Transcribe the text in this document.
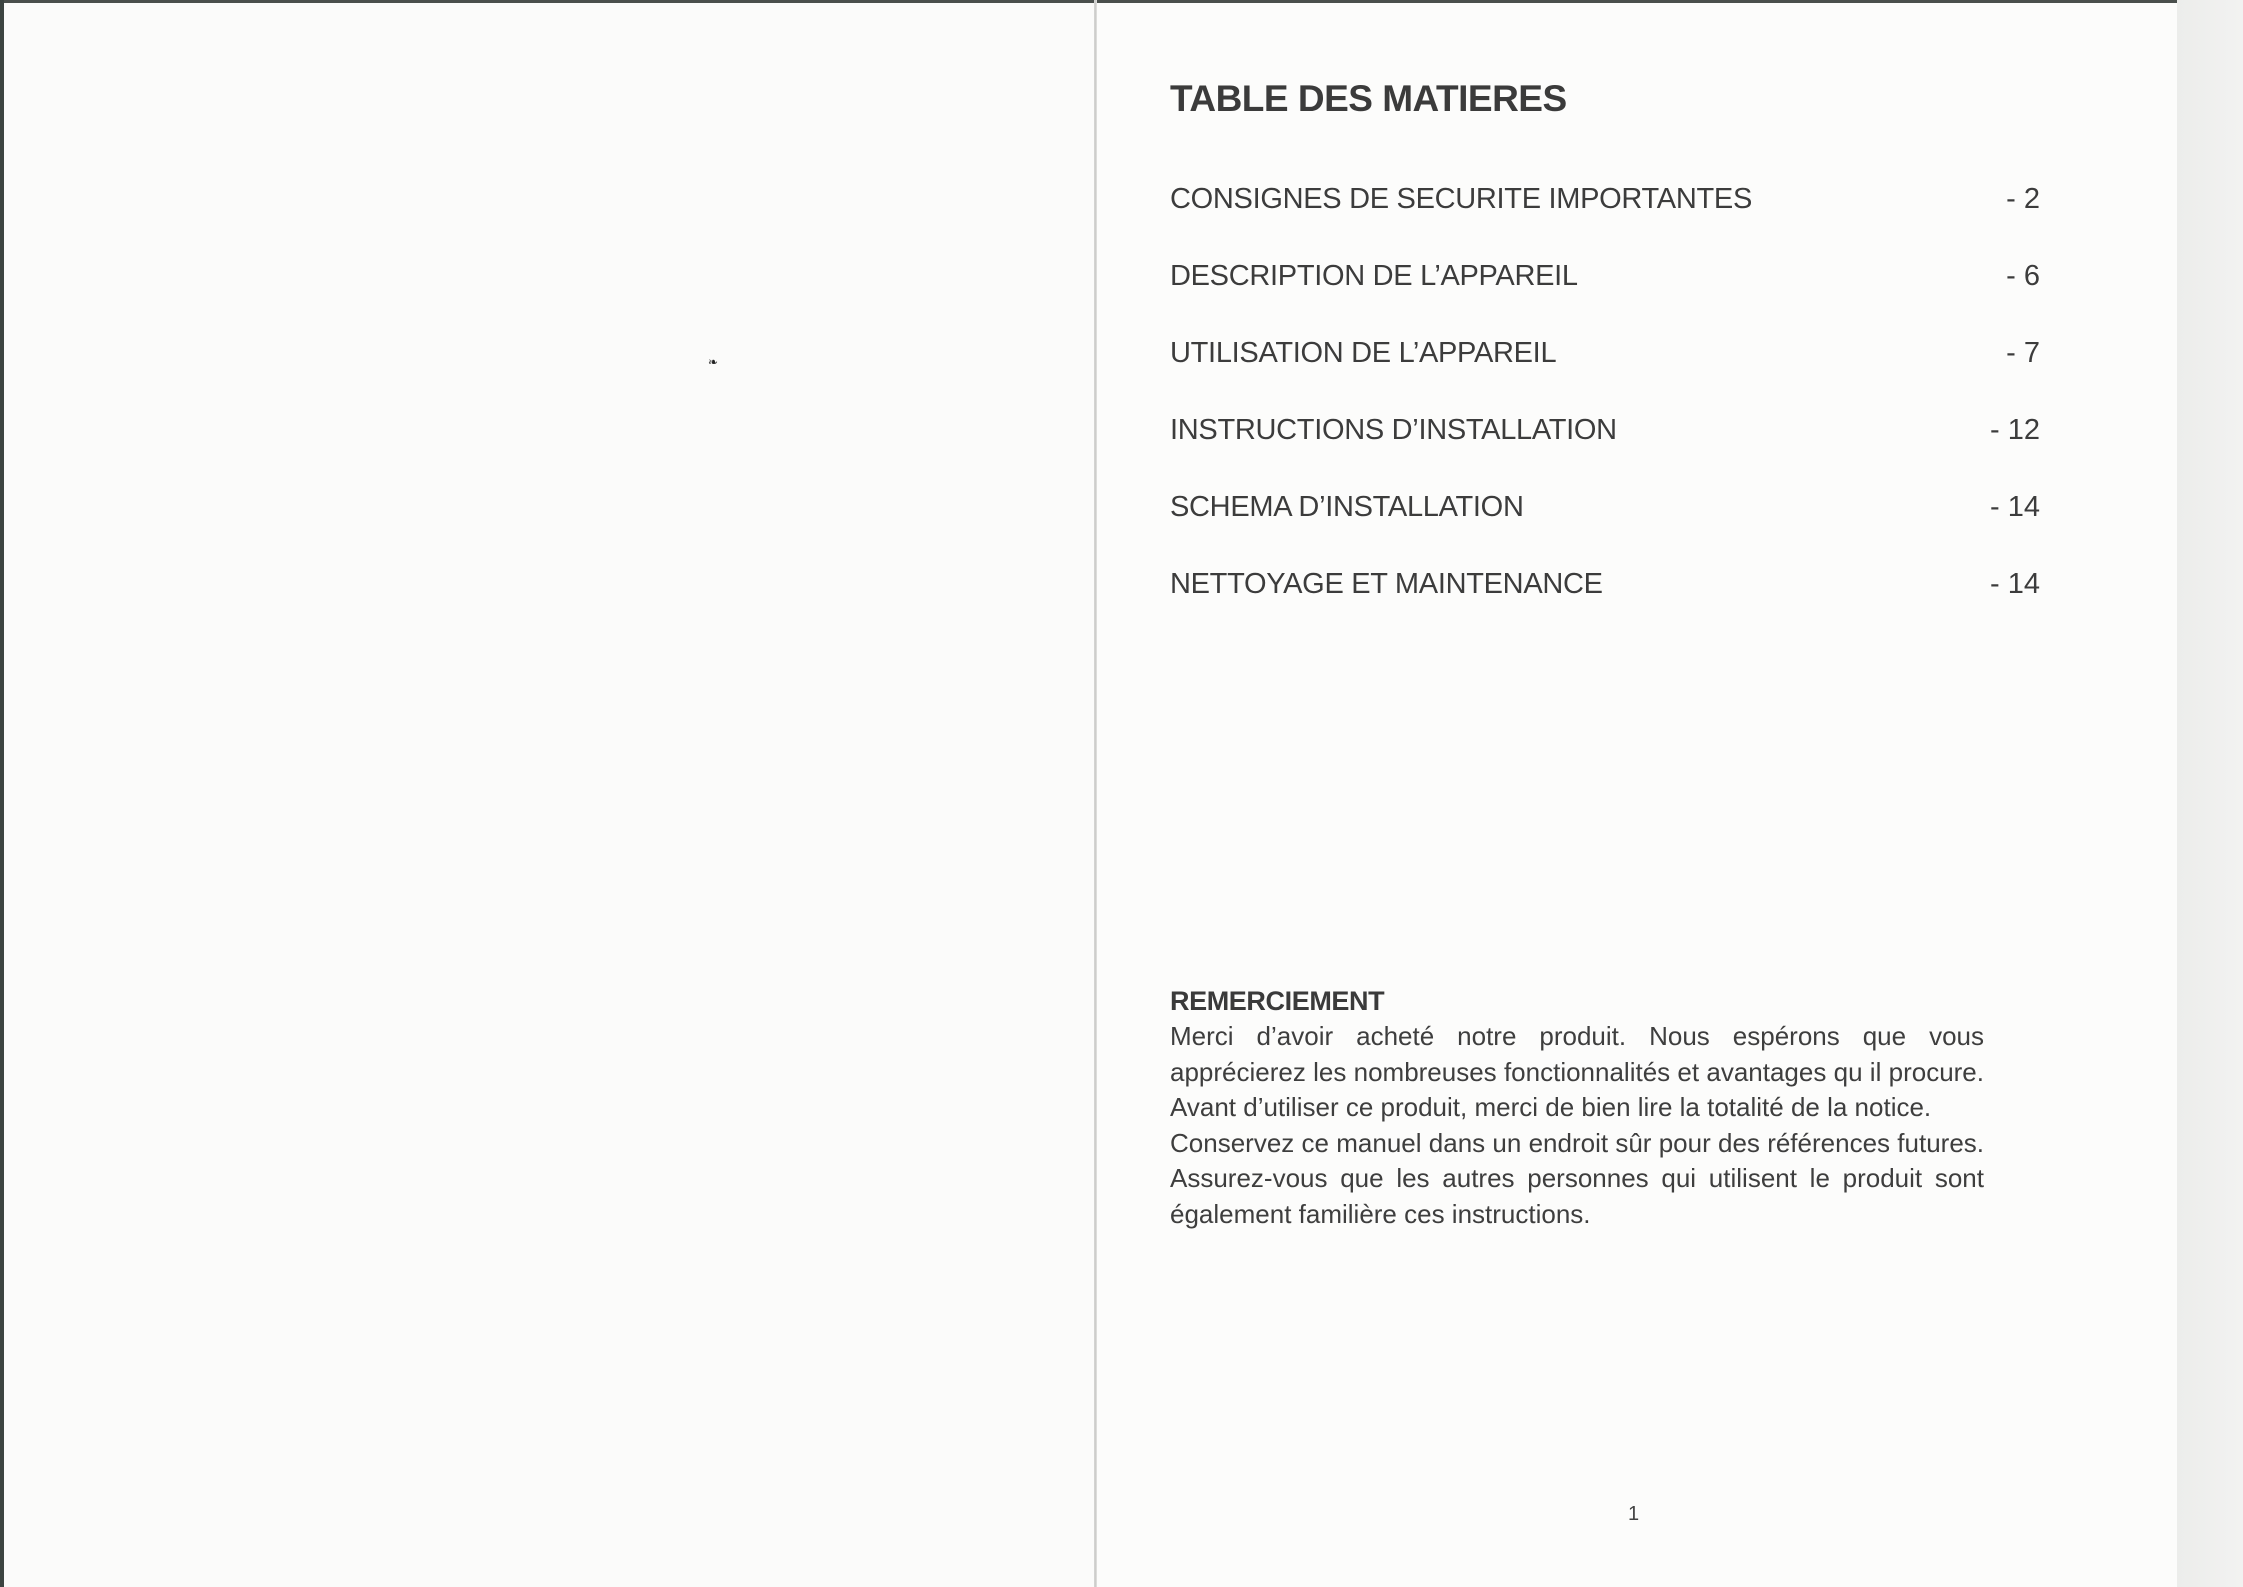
❧
TABLE DES MATIERES
CONSIGNES DE SECURITE IMPORTANTES	- 2
DESCRIPTION DE L’APPAREIL	- 6
UTILISATION DE L’APPAREIL	- 7
INSTRUCTIONS D’INSTALLATION	- 12
SCHEMA D’INSTALLATION	- 14
NETTOYAGE ET MAINTENANCE	- 14
REMERCIEMENT

Merci d’avoir acheté notre produit. Nous espérons que vous apprécierez les nombreuses fonctionnalités et avantages qu il procure. Avant d’utiliser ce produit, merci de bien lire la totalité de la notice.

Conservez ce manuel dans un endroit sûr pour des références futures. Assurez-vous que les autres personnes qui utilisent le produit sont également familière ces instructions.

1
